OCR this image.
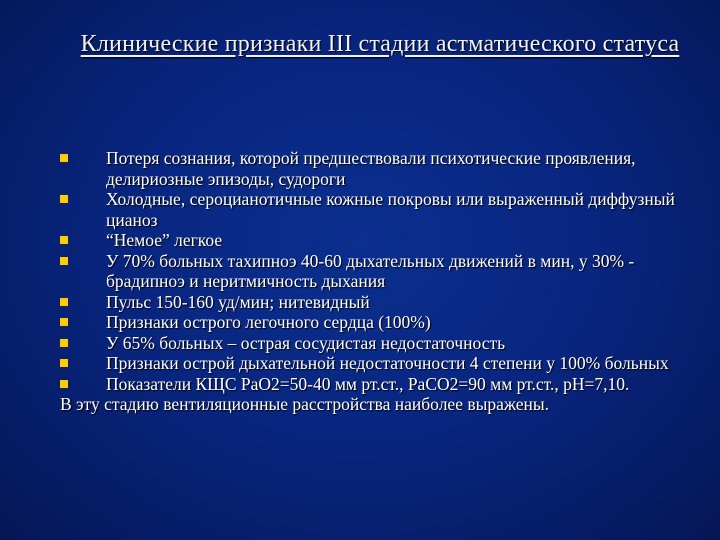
Клинические признаки III стадии астматического статуса
Потеря сознания, которой предшествовали психотические проявления, делириозные эпизоды, судороги
Холодные, сероцианотичные кожные покровы или выраженный диффузный цианоз
“Немое” легкое
У 70% больных тахипноэ 40-60 дыхательных движений в мин, у 30% - брадипноэ и неритмичность дыхания
Пульс 150-160 уд/мин; нитевидный
Признаки острого легочного сердца (100%)
У 65% больных – острая сосудистая недостаточность
Признаки острой дыхательной недостаточности 4 степени у 100% больных
Показатели КЩС РаО2=50-40 мм рт.ст., РаСО2=90 мм рт.ст., рН=7,10.
В эту стадию вентиляционные расстройства наиболее выражены.
